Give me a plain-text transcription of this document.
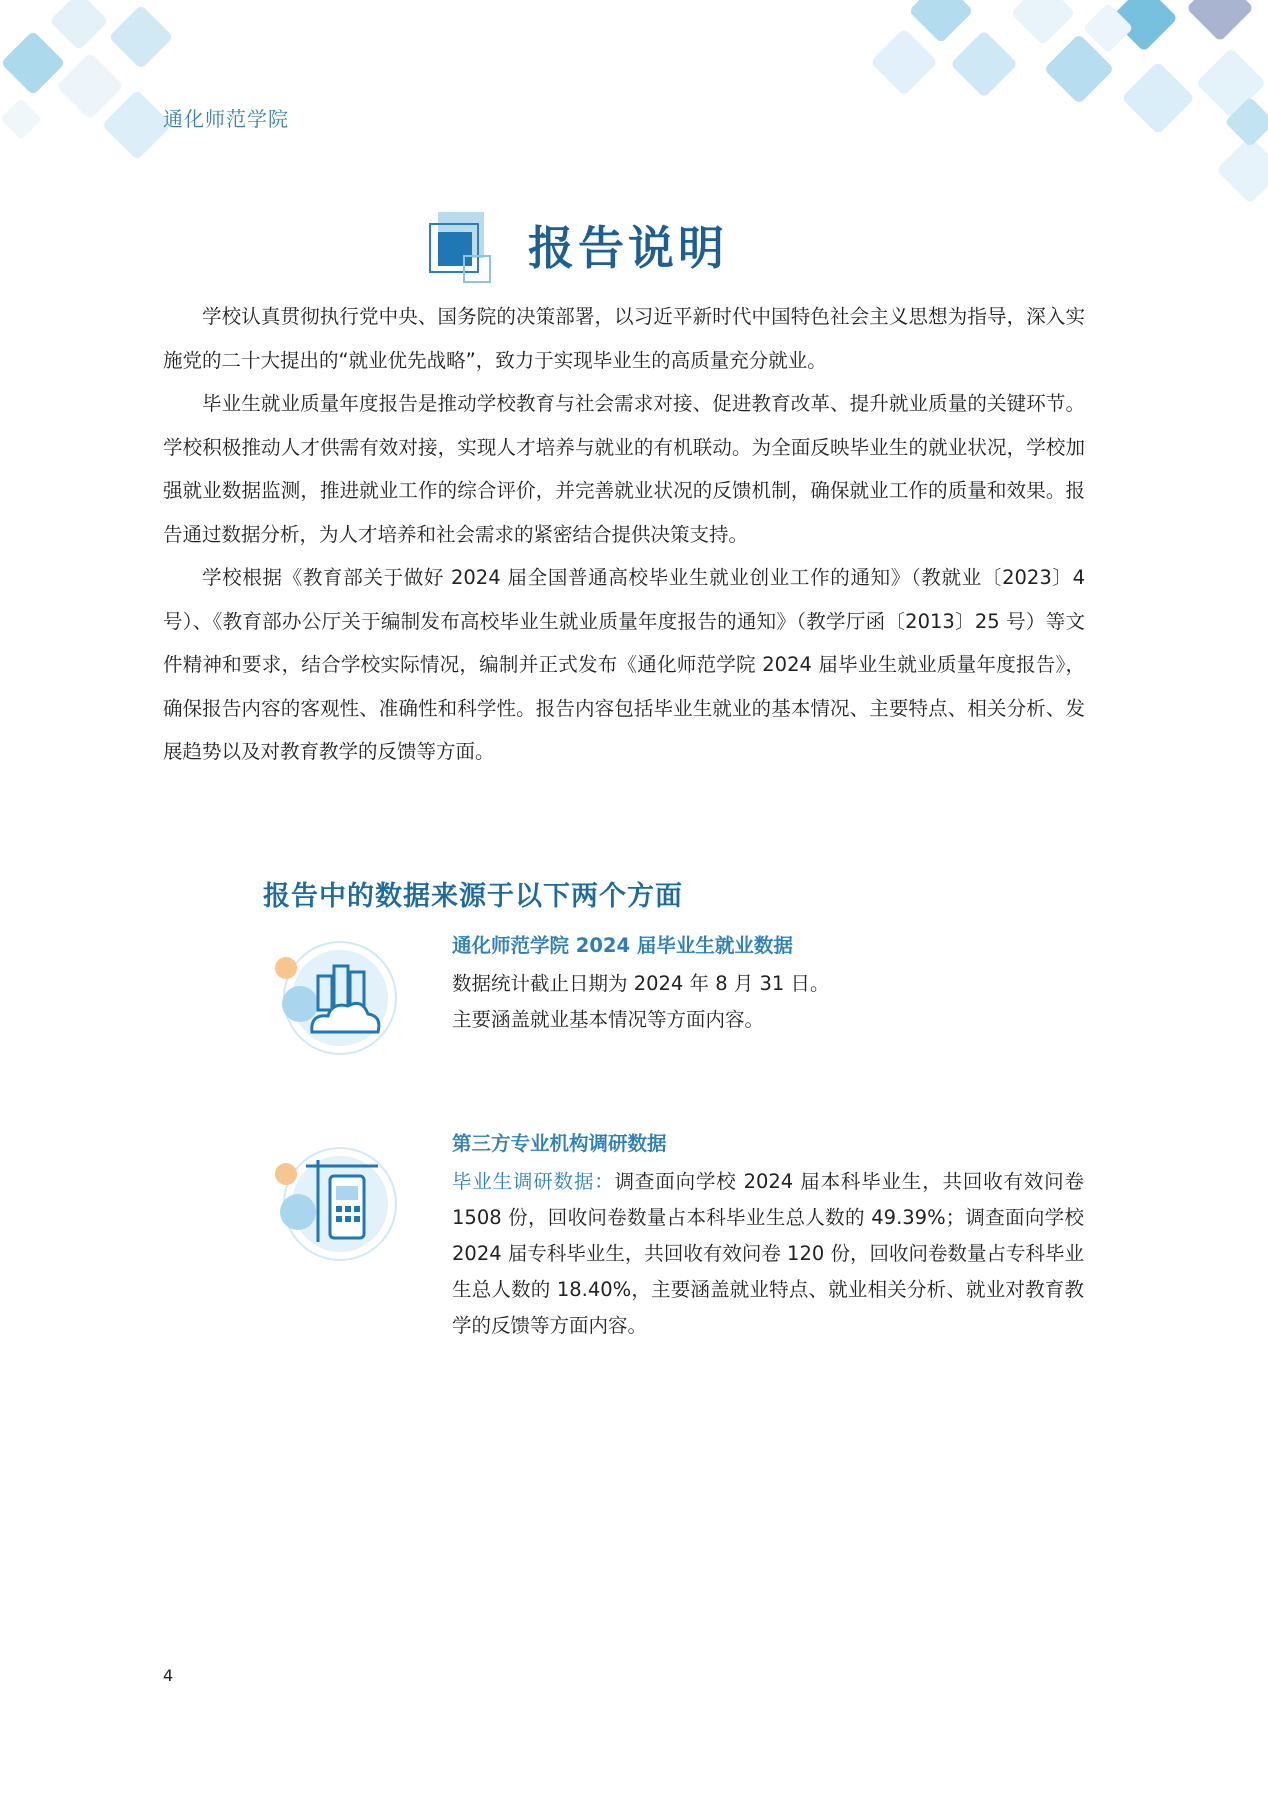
通化师范学院
报告说明

学校认真贯彻执行党中央、国务院的决策部署，以习近平新时代中国特色社会主义思想为指导，深入实施党的二十大提出的“就业优先战略”，致力于实现毕业生的高质量充分就业。

毕业生就业质量年度报告是推动学校教育与社会需求对接、促进教育改革、提升就业质量的关键环节。学校积极推动人才供需有效对接，实现人才培养与就业的有机联动。为全面反映毕业生的就业状况，学校加强就业数据监测，推进就业工作的综合评价，并完善就业状况的反馈机制，确保就业工作的质量和效果。报告通过数据分析，为人才培养和社会需求的紧密结合提供决策支持。

学校根据《教育部关于做好 2024 届全国普通高校毕业生就业创业工作的通知》（教就业〔2023〕4 号）、《教育部办公厅关于编制发布高校毕业生就业质量年度报告的通知》（教学厅函〔2013〕25 号）等文件精神和要求，结合学校实际情况，编制并正式发布《通化师范学院 2024 届毕业生就业质量年度报告》，确保报告内容的客观性、准确性和科学性。报告内容包括毕业生就业的基本情况、主要特点、相关分析、发展趋势以及对教育教学的反馈等方面。

报告中的数据来源于以下两个方面
通化师范学院 2024 届毕业生就业数据
数据统计截止日期为 2024 年 8 月 31 日。
主要涵盖就业基本情况等方面内容。
第三方专业机构调研数据
毕业生调研数据：调查面向学校 2024 届本科毕业生，共回收有效问卷 1508 份，回收问卷数量占本科毕业生总人数的 49.39%；调查面向学校 2024 届专科毕业生，共回收有效问卷 120 份，回收问卷数量占专科毕业生总人数的 18.40%，主要涵盖就业特点、就业相关分析、就业对教育教学的反馈等方面内容。
4
